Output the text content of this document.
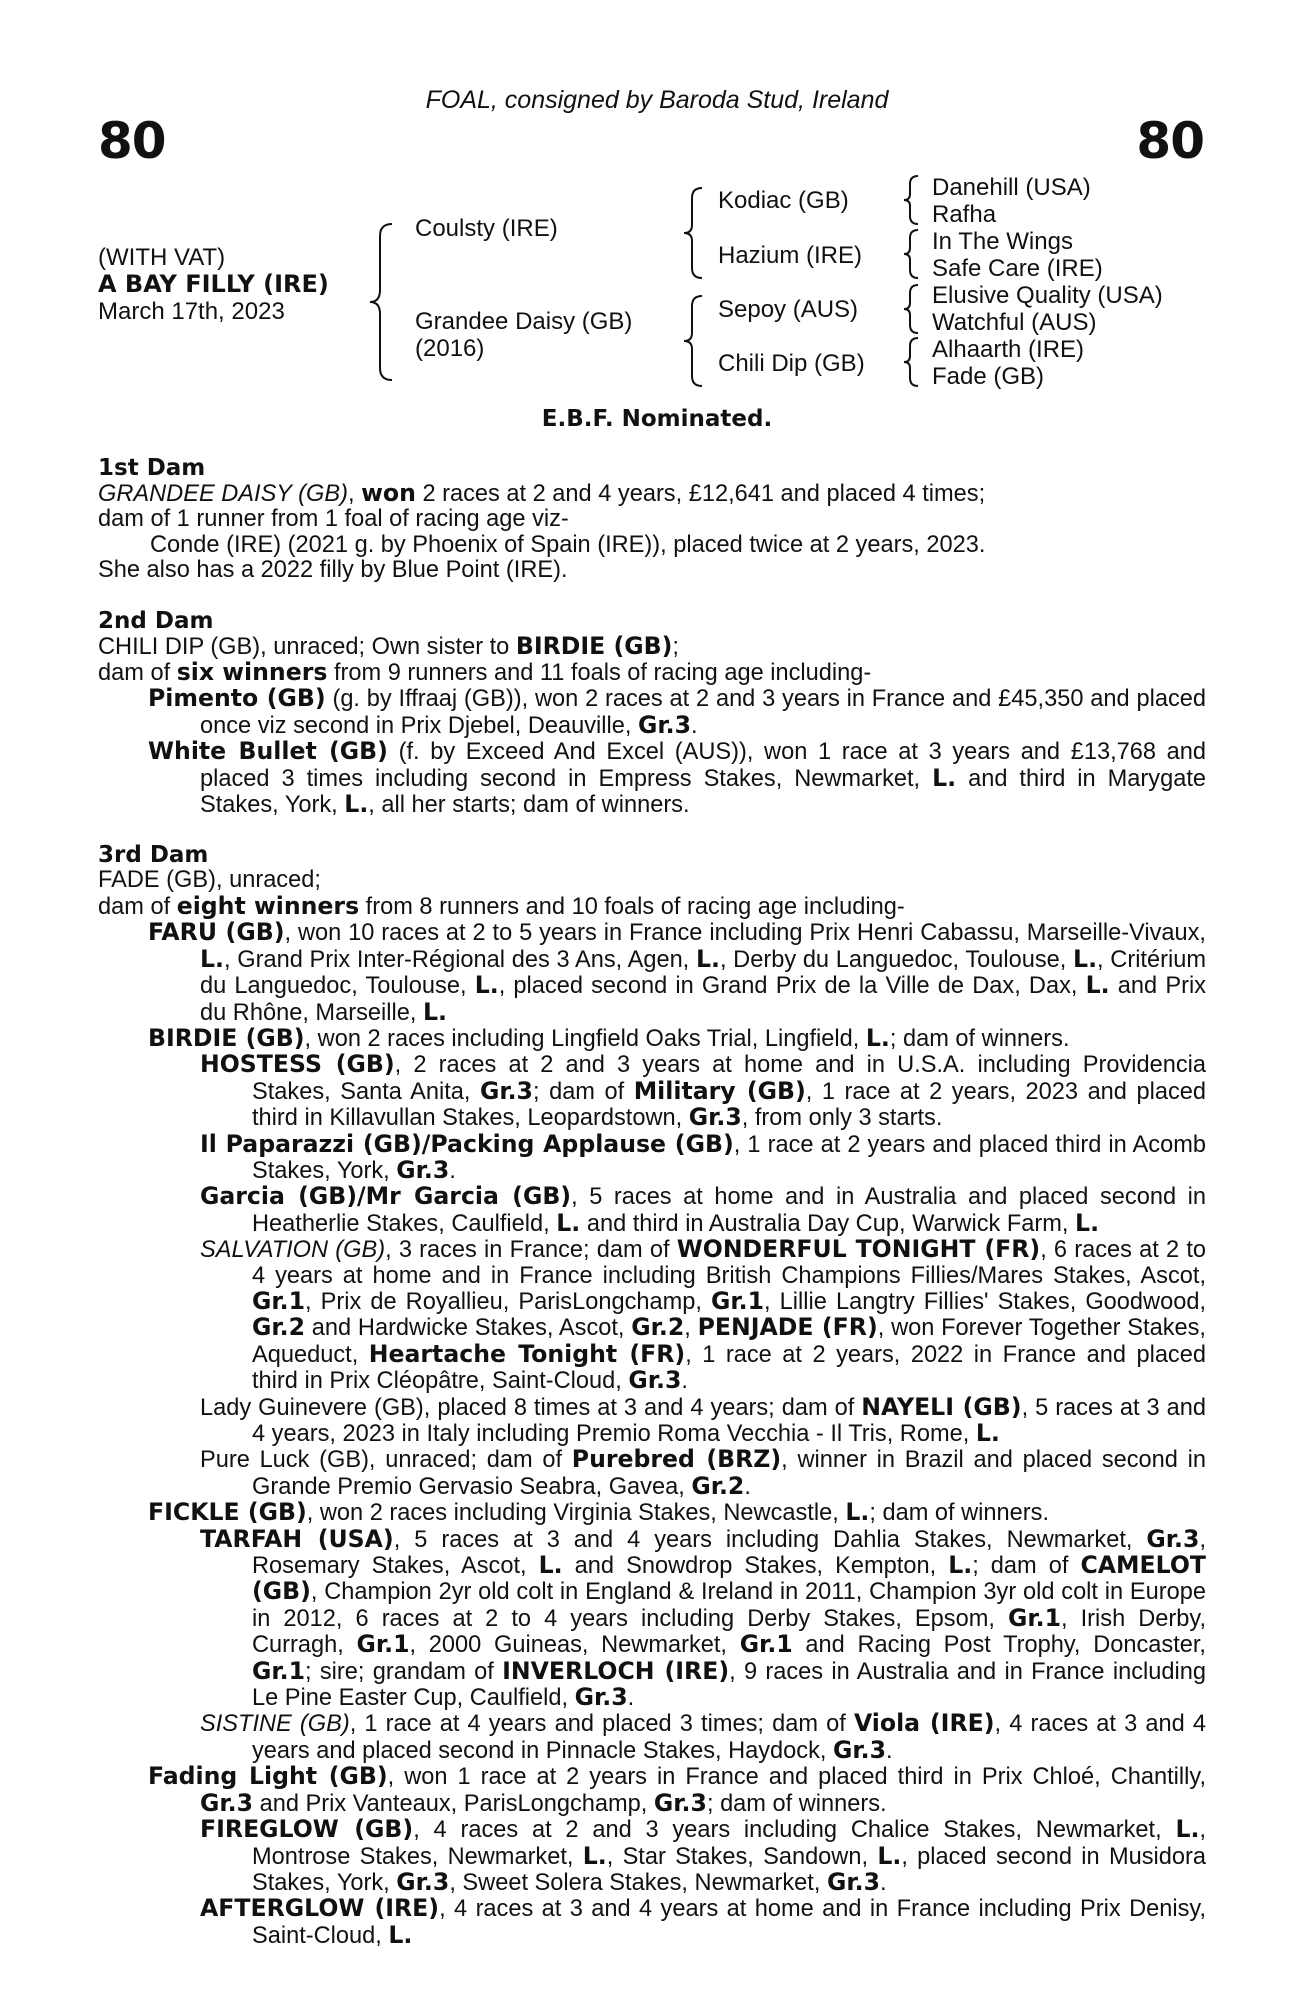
80
FOAL, consigned by Baroda Stud, Ireland
80
(WITH VAT)
A BAY FILLY (IRE)
March 17th, 2023
Coulsty (IRE)
Grandee Daisy (GB)
(2016)
Kodiac (GB)
Hazium (IRE)
Sepoy (AUS)
Chili Dip (GB)
Danehill (USA)
Rafha
In The Wings
Safe Care (IRE)
Elusive Quality (USA)
Watchful (AUS)
Alhaarth (IRE)
Fade (GB)
E.B.F. Nominated.
1st Dam

GRANDEE DAISY (GB), won 2 races at 2 and 4 years, £12,641 and placed 4 times;

dam of 1 runner from 1 foal of racing age viz-

Conde (IRE) (2021 g. by Phoenix of Spain (IRE)), placed twice at 2 years, 2023.

She also has a 2022 filly by Blue Point (IRE).

2nd Dam

CHILI DIP (GB), unraced; Own sister to BIRDIE (GB);

dam of six winners from 9 runners and 11 foals of racing age including-

Pimento (GB) (g. by Iffraaj (GB)), won 2 races at 2 and 3 years in France and £45,350 and placed once viz second in Prix Djebel, Deauville, Gr.3.

White Bullet (GB) (f. by Exceed And Excel (AUS)), won 1 race at 3 years and £13,768 and placed 3 times including second in Empress Stakes, Newmarket, L. and third in Marygate Stakes, York, L., all her starts; dam of winners.

3rd Dam

FADE (GB), unraced;

dam of eight winners from 8 runners and 10 foals of racing age including-

FARU (GB), won 10 races at 2 to 5 years in France including Prix Henri Cabassu, Marseille-Vivaux, L., Grand Prix Inter-Régional des 3 Ans, Agen, L., Derby du Languedoc, Toulouse, L., Critérium du Languedoc, Toulouse, L., placed second in Grand Prix de la Ville de Dax, Dax, L. and Prix du Rhône, Marseille, L.

BIRDIE (GB), won 2 races including Lingfield Oaks Trial, Lingfield, L.; dam of winners.

HOSTESS (GB), 2 races at 2 and 3 years at home and in U.S.A. including Providencia Stakes, Santa Anita, Gr.3; dam of Military (GB), 1 race at 2 years, 2023 and placed third in Killavullan Stakes, Leopardstown, Gr.3, from only 3 starts.

Il Paparazzi (GB)/Packing Applause (GB), 1 race at 2 years and placed third in Acomb Stakes, York, Gr.3.

Garcia (GB)/Mr Garcia (GB), 5 races at home and in Australia and placed second in Heatherlie Stakes, Caulfield, L. and third in Australia Day Cup, Warwick Farm, L.

SALVATION (GB), 3 races in France; dam of WONDERFUL TONIGHT (FR), 6 races at 2 to 4 years at home and in France including British Champions Fillies/Mares Stakes, Ascot, Gr.1, Prix de Royallieu, ParisLongchamp, Gr.1, Lillie Langtry Fillies' Stakes, Goodwood, Gr.2 and Hardwicke Stakes, Ascot, Gr.2, PENJADE (FR), won Forever Together Stakes, Aqueduct, Heartache Tonight (FR), 1 race at 2 years, 2022 in France and placed third in Prix Cléopâtre, Saint-Cloud, Gr.3.

Lady Guinevere (GB), placed 8 times at 3 and 4 years; dam of NAYELI (GB), 5 races at 3 and 4 years, 2023 in Italy including Premio Roma Vecchia - Il Tris, Rome, L.

Pure Luck (GB), unraced; dam of Purebred (BRZ), winner in Brazil and placed second in Grande Premio Gervasio Seabra, Gavea, Gr.2.

FICKLE (GB), won 2 races including Virginia Stakes, Newcastle, L.; dam of winners.

TARFAH (USA), 5 races at 3 and 4 years including Dahlia Stakes, Newmarket, Gr.3, Rosemary Stakes, Ascot, L. and Snowdrop Stakes, Kempton, L.; dam of CAMELOT (GB), Champion 2yr old colt in England & Ireland in 2011, Champion 3yr old colt in Europe in 2012, 6 races at 2 to 4 years including Derby Stakes, Epsom, Gr.1, Irish Derby, Curragh, Gr.1, 2000 Guineas, Newmarket, Gr.1 and Racing Post Trophy, Doncaster, Gr.1; sire; grandam of INVERLOCH (IRE), 9 races in Australia and in France including Le Pine Easter Cup, Caulfield, Gr.3.

SISTINE (GB), 1 race at 4 years and placed 3 times; dam of Viola (IRE), 4 races at 3 and 4 years and placed second in Pinnacle Stakes, Haydock, Gr.3.

Fading Light (GB), won 1 race at 2 years in France and placed third in Prix Chloé, Chantilly, Gr.3 and Prix Vanteaux, ParisLongchamp, Gr.3; dam of winners.

FIREGLOW (GB), 4 races at 2 and 3 years including Chalice Stakes, Newmarket, L., Montrose Stakes, Newmarket, L., Star Stakes, Sandown, L., placed second in Musidora Stakes, York, Gr.3, Sweet Solera Stakes, Newmarket, Gr.3.

AFTERGLOW (IRE), 4 races at 3 and 4 years at home and in France including Prix Denisy, Saint-Cloud, L.
